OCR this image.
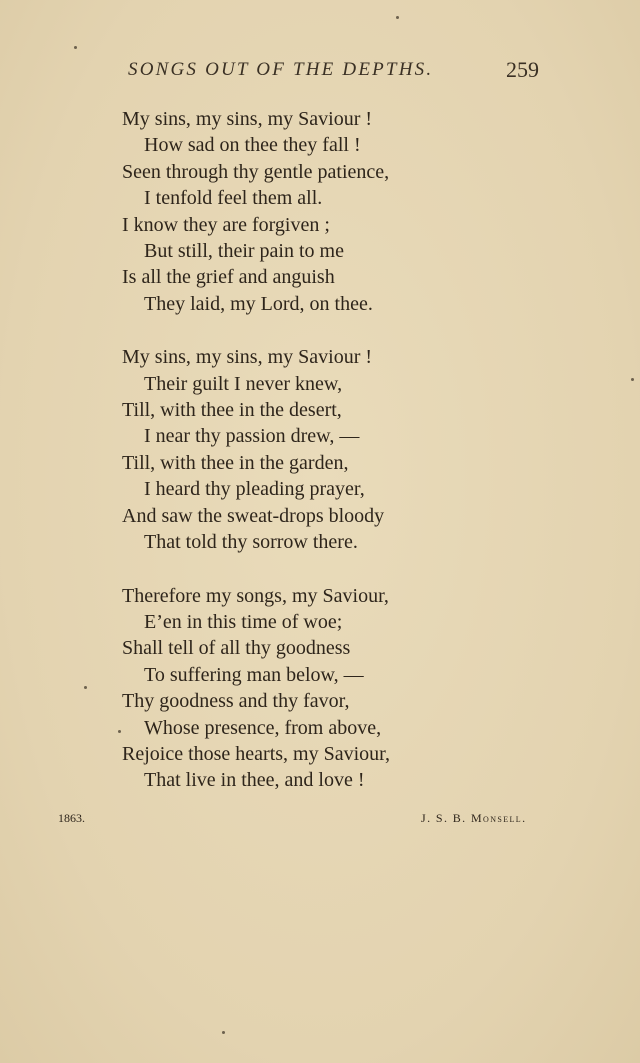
SONGS OUT OF THE DEPTHS.	259
My sins, my sins, my Saviour !
How sad on thee they fall !
Seen through thy gentle patience,
I tenfold feel them all.
I know they are forgiven ;
But still, their pain to me
Is all the grief and anguish
They laid, my Lord, on thee.
My sins, my sins, my Saviour !
Their guilt I never knew,
Till, with thee in the desert,
I near thy passion drew, —
Till, with thee in the garden,
I heard thy pleading prayer,
And saw the sweat-drops bloody
That told thy sorrow there.
Therefore my songs, my Saviour,
E’en in this time of woe;
Shall tell of all thy goodness
To suffering man below, —
Thy goodness and thy favor,
Whose presence, from above,
Rejoice those hearts, my Saviour,
That live in thee, and love !
1863.	J. S. B. Monsell.
